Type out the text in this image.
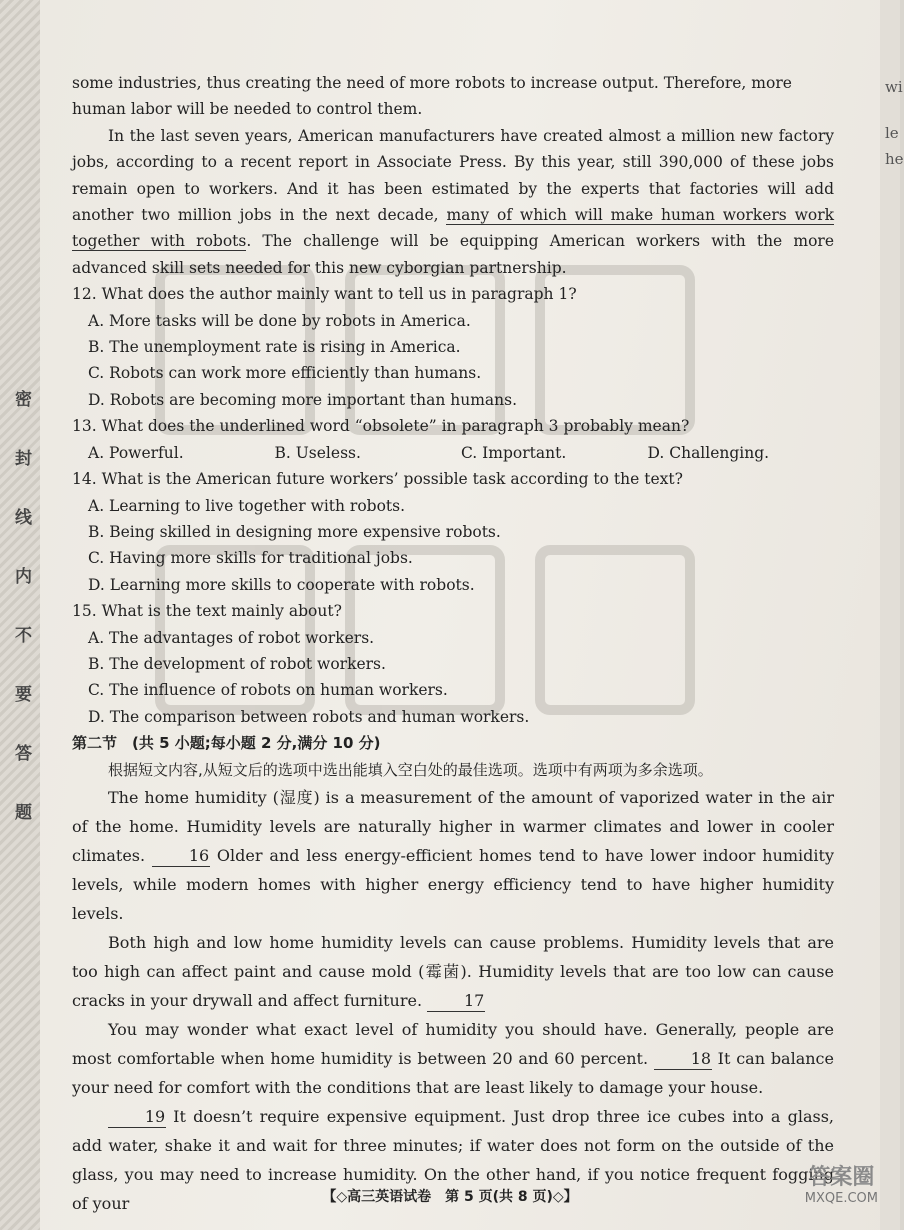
密封线内不要答题
wi
le
he

some industries, thus creating the need of more robots to increase output. Therefore, more human labor will be needed to control them.

In the last seven years, American manufacturers have created almost a million new factory jobs, according to a recent report in Associate Press. By this year, still 390,000 of these jobs remain open to workers. And it has been estimated by the experts that factories will add another two million jobs in the next decade, many of which will make human workers work together with robots. The challenge will be equipping American workers with the more advanced skill sets needed for this new cyborgian partnership.

12. What does the author mainly want to tell us in paragraph 1?

A. More tasks will be done by robots in America.

B. The unemployment rate is rising in America.

C. Robots can work more efficiently than humans.

D. Robots are becoming more important than humans.

13. What does the underlined word “obsolete” in paragraph 3 probably mean?

A. Powerful.	B. Useless.	C. Important.	D. Challenging.

14. What is the American future workers’ possible task according to the text?

A. Learning to live together with robots.

B. Being skilled in designing more expensive robots.

C. Having more skills for traditional jobs.

D. Learning more skills to cooperate with robots.

15. What is the text mainly about?

A. The advantages of robot workers.

B. The development of robot workers.

C. The influence of robots on human workers.

D. The comparison between robots and human workers.

第二节　(共 5 小题;每小题 2 分,满分 10 分)

根据短文内容,从短文后的选项中选出能填入空白处的最佳选项。选项中有两项为多余选项。

The home humidity (湿度) is a measurement of the amount of vaporized water in the air of the home. Humidity levels are naturally higher in warmer climates and lower in cooler climates.	16 Older and less energy-efficient homes tend to have lower indoor humidity levels, while modern homes with higher energy efficiency tend to have higher humidity levels.

Both high and low home humidity levels can cause problems. Humidity levels that are too high can affect paint and cause mold (霉菌). Humidity levels that are too low can cause cracks in your drywall and affect furniture.	17

You may wonder what exact level of humidity you should have. Generally, people are most comfortable when home humidity is between 20 and 60 percent.	18 It can balance your need for comfort with the conditions that are least likely to damage your house.

19 It doesn’t require expensive equipment. Just drop three ice cubes into a glass, add water, shake it and wait for three minutes; if water does not form on the outside of the glass, you may need to increase humidity. On the other hand, if you notice frequent fogging of your	【◇高三英语试卷　第 5 页(共 8 页)◇】
答案圈
MXQE.COM
